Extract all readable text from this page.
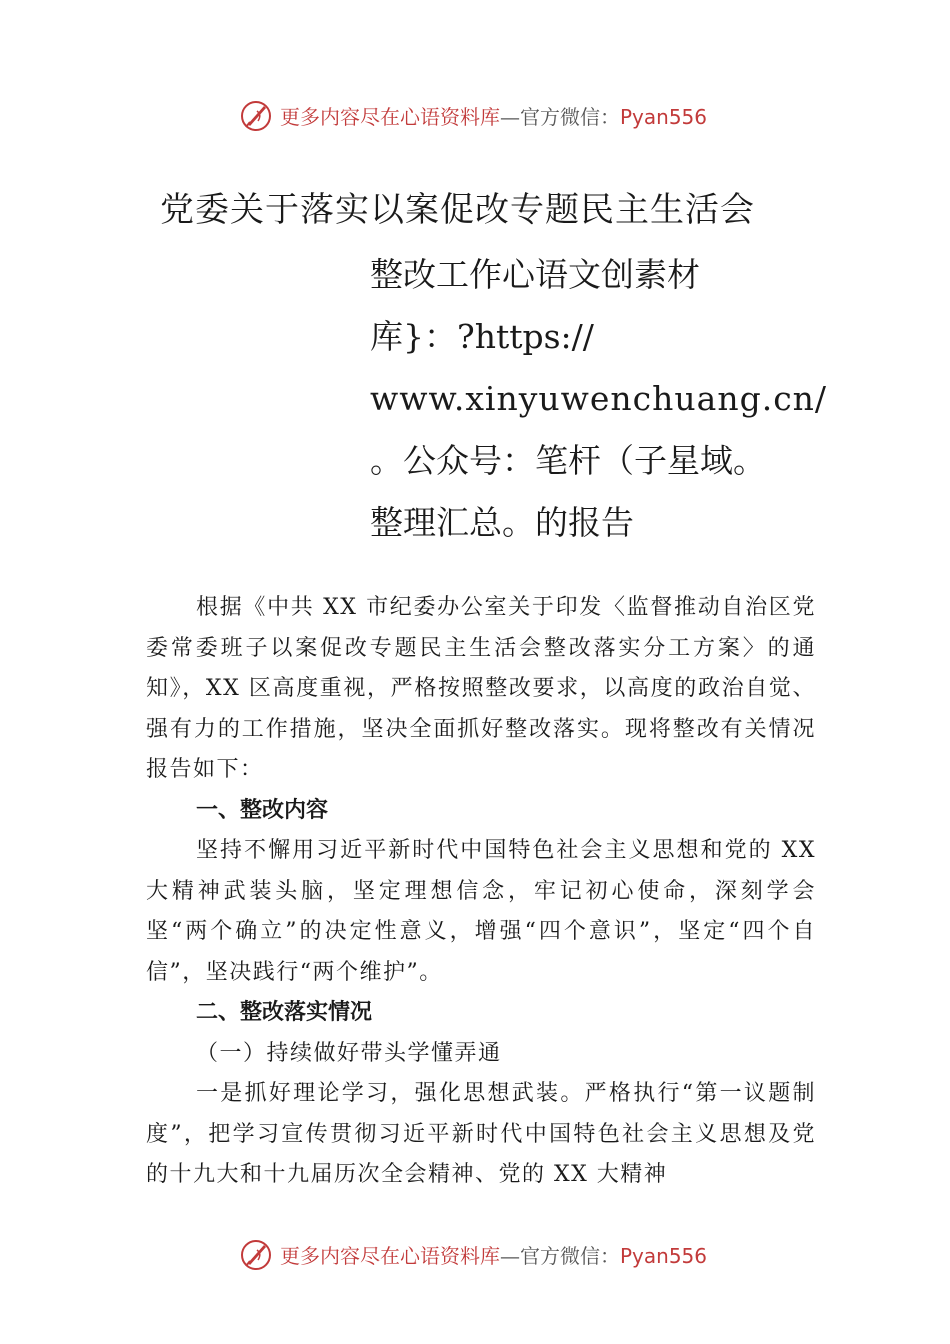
更多内容尽在心语资料库—官方微信：Pyan556
党委关于落实以案促改专题民主生活会
整改工作心语文创素材
库}：?https://
www.xinyuwenchuang.cn/
。公众号：笔杆（子星域。
整理汇总。的报告
根据《中共 XX 市纪委办公室关于印发〈监督推动自治区党委常委班子以案促改专题民主生活会整改落实分工方案〉的通知》，XX 区高度重视，严格按照整改要求，以高度的政治自觉、强有力的工作措施，坚决全面抓好整改落实。现将整改有关情况报告如下：
一、整改内容
坚持不懈用习近平新时代中国特色社会主义思想和党的 XX 大精神武装头脑，坚定理想信念，牢记初心使命，深刻学会坚“两个确立”的决定性意义，增强“四个意识”，坚定“四个自信”，坚决践行“两个维护”。
二、整改落实情况
（一）持续做好带头学懂弄通
一是抓好理论学习，强化思想武装。严格执行“第一议题制度”，把学习宣传贯彻习近平新时代中国特色社会主义思想及党的十九大和十九届历次全会精神、党的 XX 大精神
更多内容尽在心语资料库—官方微信：Pyan556
